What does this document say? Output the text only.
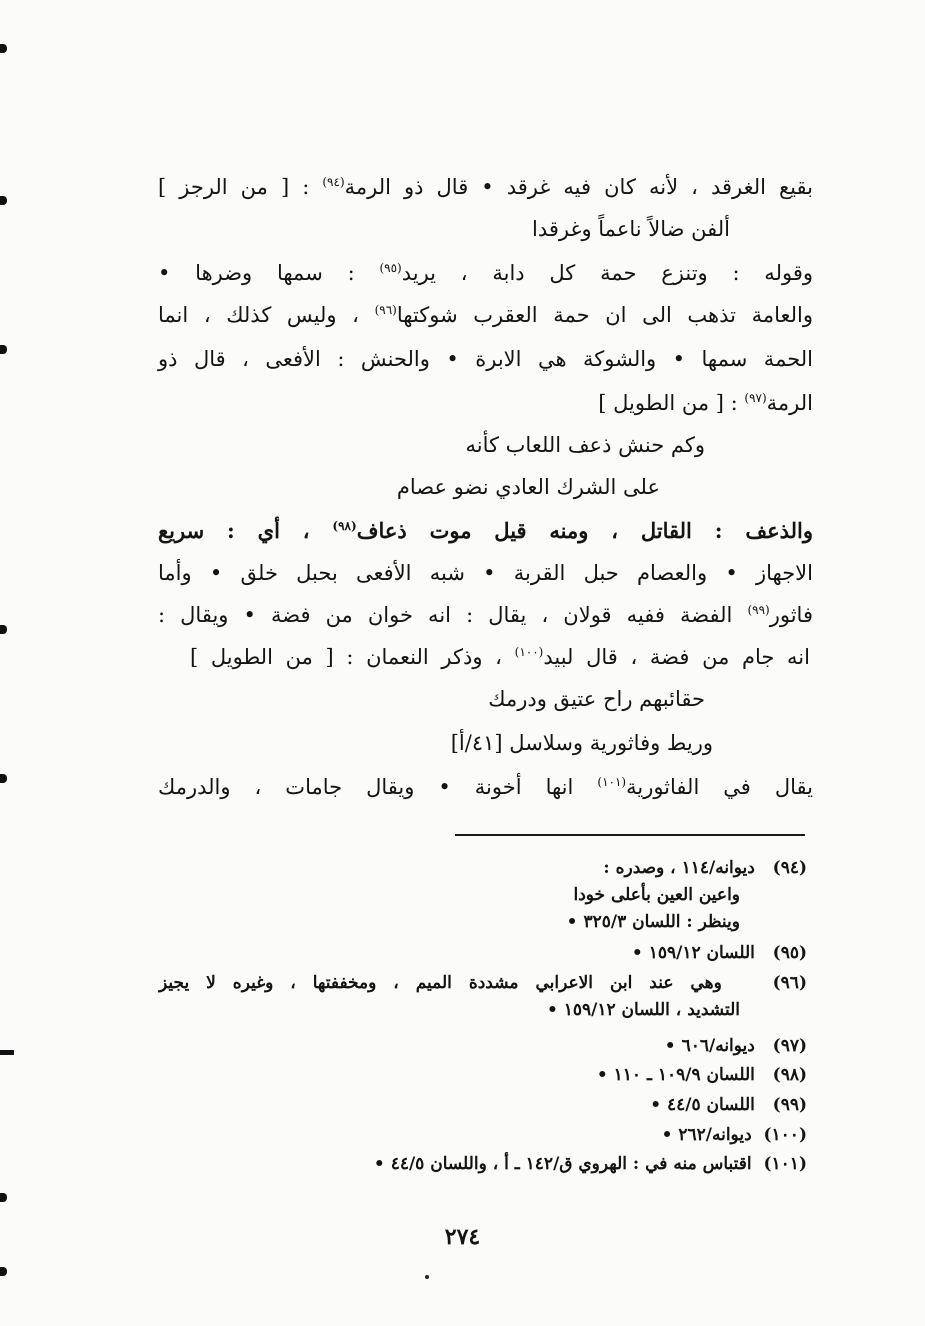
بقيع الغرقد ، لأنه كان فيه غرقد • قال ذو الرمة$^{(٩٤)}$ : [ من الرجز ]
ألفن ضالاً ناعماً وغرقدا
وقوله : وتنزع حمة كل دابة ، يريد$^{(٩٥)}$ : سمها وضرها •
والعامة تذهب الى ان حمة العقرب شوكتها$^{(٩٦)}$ ، وليس كذلك ، انما
الحمة سمها • والشوكة هي الابرة • والحنش : الأفعى ، قال ذو
الرمة$^{(٩٧)}$ : [ من الطويل ]
وكم حنش ذعف اللعاب كأنه
على الشرك العادي نضو عصام
والذعف : القاتل ، ومنه قيل موت ذعاف$^{(٩٨)}$ ، أي : سريع
الاجهاز • والعصام حبل القربة • شبه الأفعى بحبل خلق • وأما
فاثور$^{(٩٩)}$ الفضة ففيه قولان ، يقال : انه خوان من فضة • ويقال :
انه جام من فضة ، قال لبيد$^{(١٠٠)}$ ، وذكر النعمان : [ من الطويل ]
حقائبهم راح عتيق ودرمك
وريط وفاثورية وسلاسل [٤١/أ]
يقال في الفاثورية$^{(١٠١)}$ انها أخونة • ويقال جامات ، والدرمك
(٩٤)   ديوانه/١١٤ ، وصدره :
واعين العين بأعلى خودا
وينظر : اللسان ٣٢٥/٣ •
(٩٥)   اللسان ١٥٩/١٢ •
(٩٦)   وهي عند ابن الاعرابي مشددة الميم ، ومخففتها ، وغيره لا يجيز
التشديد ، اللسان ١٥٩/١٢ •
(٩٧)   ديوانه/٦٠٦ •
(٩٨)   اللسان ١٠٩/٩ ـ ١١٠ •
(٩٩)   اللسان ٤٤/٥ •
(١٠٠)  ديوانه/٢٦٢ •
(١٠١)  اقتباس منه في : الهروي ق/١٤٢ ـ أ ، واللسان ٤٤/٥ •
٢٧٤
